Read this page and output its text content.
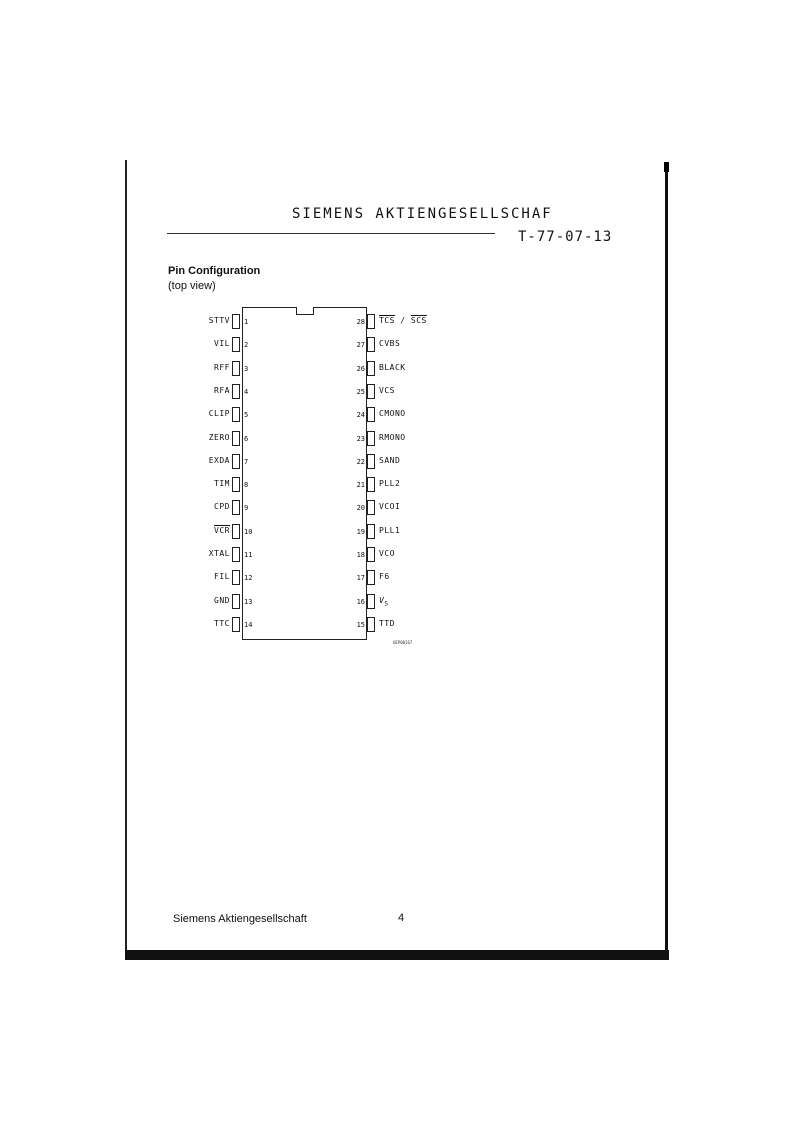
SIEMENS AKTIENGESELLSCHAF
T-77-07-13
Pin Configuration
(top view)
STTV 1
VIL 2
RFF 3
RFA 4
CLIP 5
ZERO 6
EXDA 7
TIM 8
CPD 9
$\overline{VCR}$ 10
XTAL 11
FIL 12
GND 13
TTC 14
$\overline{TCS} / \overline{SCS}$
28
CVBS
27
BLACK
26
VCS
25
CMONO
24
RMONO
23
SAND
22
PLL2
21
VCOI
20
PLL1
19
VCO
18
F6
17
$V_S$
16
TTD
15
UEP00167
Siemens Aktiengesellschaft	4
